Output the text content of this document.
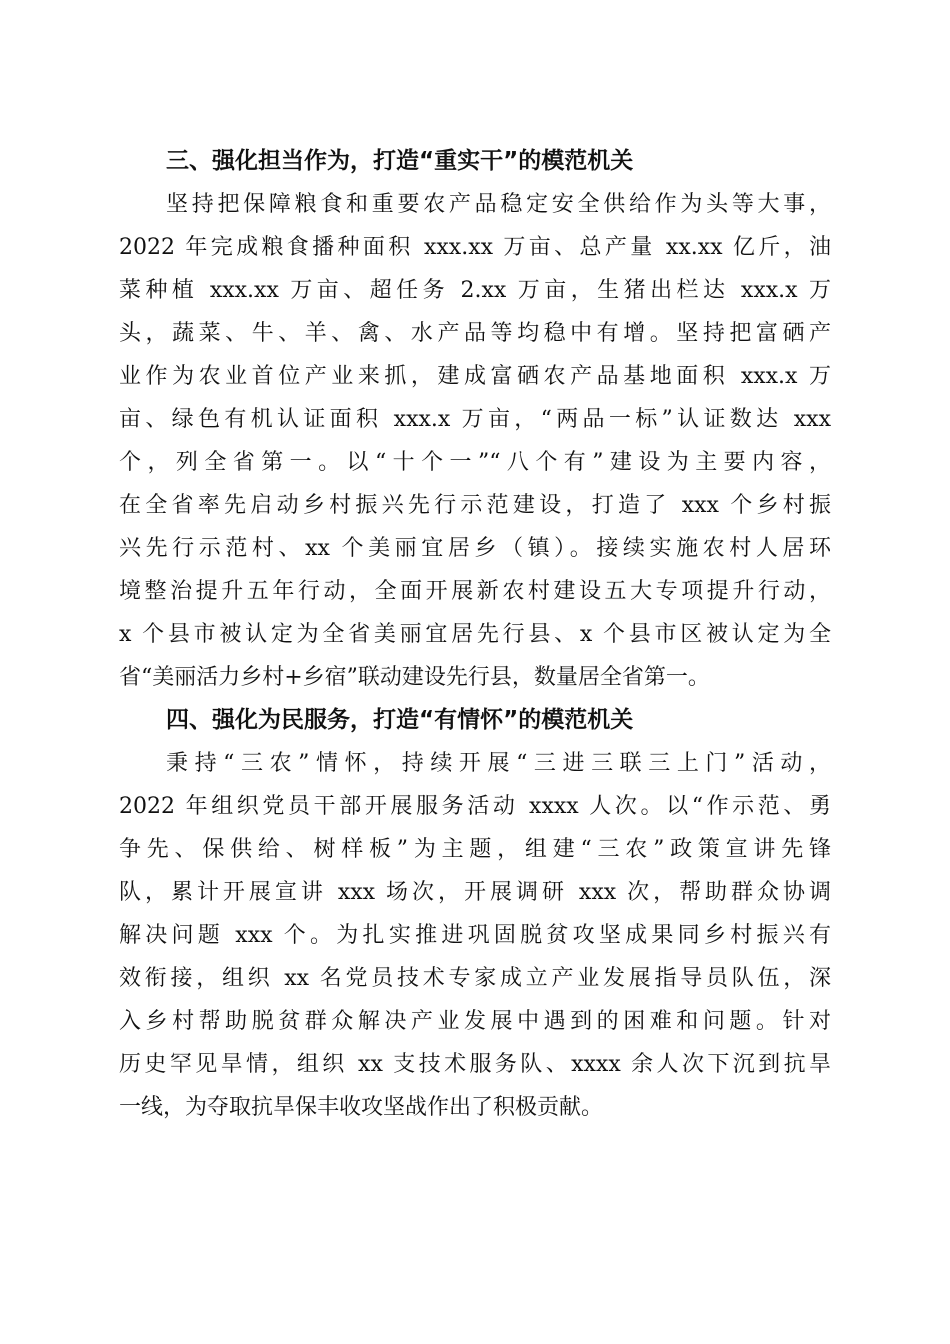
三、强化担当作为，打造“重实干”的模范机关
坚持把保障粮食和重要农产品稳定安全供给作为头等大事，
2022 年完成粮食播种面积 xxx.xx 万亩、总产量 xx.xx 亿斤，油
菜种植 xxx.xx 万亩、超任务 2.xx 万亩，生猪出栏达 xxx.x 万
头，蔬菜、牛、羊、禽、水产品等均稳中有增。坚持把富硒产
业作为农业首位产业来抓，建成富硒农产品基地面积 xxx.x 万
亩、绿色有机认证面积 xxx.x 万亩，“两品一标”认证数达 xxx
个，列全省第一。以“十个一”“八个有”建设为主要内容，
在全省率先启动乡村振兴先行示范建设，打造了 xxx 个乡村振
兴先行示范村、xx 个美丽宜居乡（镇）。接续实施农村人居环
境整治提升五年行动，全面开展新农村建设五大专项提升行动，
x 个县市被认定为全省美丽宜居先行县、x 个县市区被认定为全
省“美丽活力乡村+乡宿”联动建设先行县，数量居全省第一。
四、强化为民服务，打造“有情怀”的模范机关
秉持“三农”情怀，持续开展“三进三联三上门”活动，
2022 年组织党员干部开展服务活动 xxxx 人次。以“作示范、勇
争先、保供给、树样板”为主题，组建“三农”政策宣讲先锋
队，累计开展宣讲 xxx 场次，开展调研 xxx 次，帮助群众协调
解决问题 xxx 个。为扎实推进巩固脱贫攻坚成果同乡村振兴有
效衔接，组织 xx 名党员技术专家成立产业发展指导员队伍，深
入乡村帮助脱贫群众解决产业发展中遇到的困难和问题。针对
历史罕见旱情，组织 xx 支技术服务队、xxxx 余人次下沉到抗旱
一线，为夺取抗旱保丰收攻坚战作出了积极贡献。
